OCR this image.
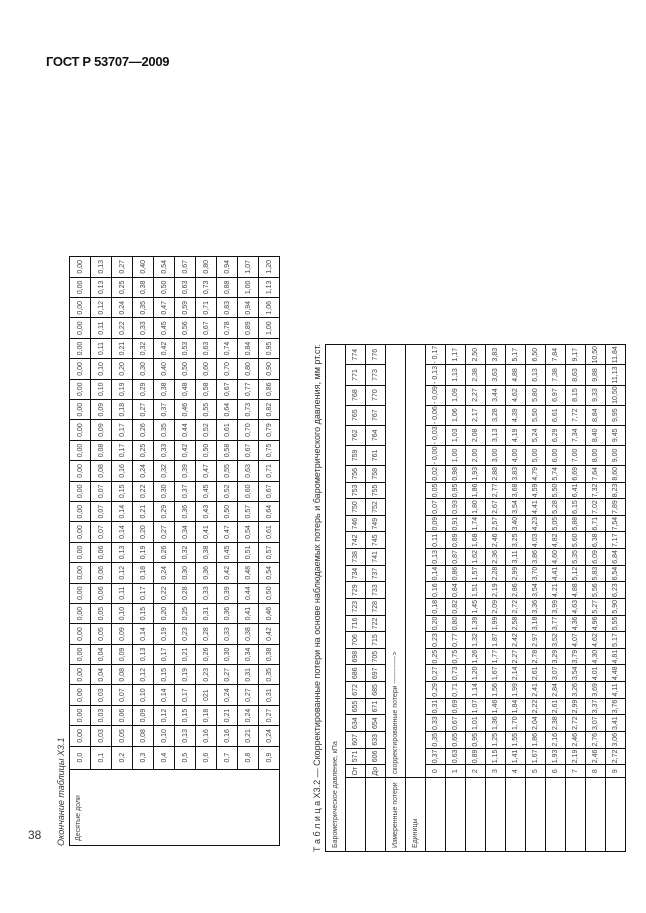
ГОСТ Р 53707—2009
38 Окончание таблицы Х3.1 Десятые доли	0,0	0,00	0,00	0,00	0,00	0,00	0,00	0,00	0,00	0,00	0,00	0,00	0,00	0,00	0,00	0,00	0,00	0,00	0,00	0,00	0,00	0,00	0,00	0,00	0,00
	0,1	0,03	0,03	0,03	0,04	0,04	0,05	0,05	0,06	0,06	0,06	0,07	0,07	0,07	0,08	0,08	0,09	0,09	0,10	0,10	0,11	0,11	0,12	0,13	0,13
	0,2	0,05	0,06	0,07	0,08	0,09	0,09	0,10	0,11	0,12	0,13	0,14	0,14	0,15	0,16	0,17	0,17	0,18	0,19	0,20	0,21	0,22	0,24	0,25	0,27
	0,3	0,08	0,09	0,10	0,12	0,13	0,14	0,15	0,17	0,18	0,19	0,20	0,21	0,22	0,24	0,25	0,26	0,27	0,29	0,30	0,32	0,33	0,35	0,38	0,40
	0,4	0,10	0,12	0,14	0,15	0,17	0,19	0,20	0,22	0,24	0,26	0,27	0,29	0,30	0,32	0,33	0,35	0,37	0,38	0,40	0,42	0,45	0,47	0,50	0,54
	0,5	0,13	0,15	0,17	0,19	0,21	0,23	0,25	0,28	0,30	0,32	0,34	0,36	0,37	0,39	0,42	0,44	0,46	0,48	0,50	0,53	0,56	0,59	0,63	0,67
	0,6	0,16	0,18	021	0,23	0,26	0,28	0,31	0,33	0,36	0,38	0,41	0,43	0,45	0,47	0,50	0,52	0,55	0,58	0,60	0,63	0,67	0,71	0,73	0,80
	0,7	0,16	0,21	0,24	0,27	0,30	0,33	0,36	0,39	0,42	0,45	0,47	0,50	0,52	0,55	0,58	0,61	0,64	0,67	0,70	0,74	0,78	0,83	0,88	0,94
	0,8	0,21	0,24	0,27	0,31	0,34	0,38	0,41	0,44	0,48	0,51	0,54	0,57	0,60	0,63	0,67	0,70	0,73	0,77	0,80	0,84	0,89	0,94	1,00	1,07
	0,9	0,24	0,27	0,31	0,35	0,38	0,42	0,46	0,50	0,54	0,57	0,61	0,64	0,67	0,71	0,75	0,79	0,82	0,86	0,90	0,95	1,00	1,06	1,13	1,20
Т а б л и ц а Х3.2 — Скорректированные потери на основе наблюдаемых потерь и барометрического давления, мм рт.ст. Барометрическое давление, кПа																									
	От	571	607	634	655	672	686	698	706	716	723	729	734	738	742	746	750	753	756	759	762	765	768	771	774
	До	606	633	654	671	685	697	705	715	722	728	733	737	741	745	749	752	755	758	761	764	767	770	773	776
Измеренные потери	скорректированные потери ------------>																								
Единицы																									
	0	0,37	0,35	0,33	0,31	0,29	0,27	0,25	0,23	0,20	0,18	0,16	0,14	0,13	0,11	0,09	0,07	0,05	0,02	- 0,00	- 0,03	- 0,06	- 0,09	- 0,13	- 0,17
	1	0,63	0,65	0,67	0,69	0,71	0,73	0,75	0,77	0,80	0,82	0,84	0,86	0,87	0,89	0,91	0,93	0,95	0,98	1,00	1,03	1,06	1,09	1,13	1,17
	2	0,89	0,95	1,01	1,07	1,14	1,20	1,26	1,32	1,39	1,45	1,51	1,57	1,62	1,68	1,74	1,80	1,86	1,93	2,00	2,08	2,17	2,27	2,38	2,50
	3	1,15	1,25	1,36	1,46	1,56	1,67	1,77	1,87	1,99	2,09	2,19	2,28	2,36	2,46	2,57	2,67	2,77	2,88	3,00	3,13	3,28	3,44	3,63	3,83
	4	1,41	1,55	1,70	1,84	1,99	2,14	2,27	2,42	2,58	2,72	2,86	2,99	3,11	3,25	3,40	3,54	3,68	3,83	4,00	4,19	4,39	4,62	4,88	5,17
	5	1,67	1,86	2,04	2,22	2,41	2,61	2,78	2,97	3,18	3,36	3,54	3,70	3,86	4,03	4,23	4,41	4,59	4,79	5,00	5,24	5,50	5,80	6,13	6,50
	6	1,93	2,16	2,38	2,61	2,84	3,07	3,29	3,52	3,77	3,99	4,21	4,41	4,60	4,82	5,05	5,28	5,50	5,74	6,00	6,29	6,61	6,97	7,38	7,84
	7	2,19	2,46	2,72	2,99	3,26	3,54	3,79	4,07	4,36	4,63	4,88	5,12	5,35	5,60	5,88	6,15	6,41	6,69	7,00	7,34	7,72	8,15	8,63	9,17
	8	2,46	2,76	3,07	3,37	3,69	4,01	4,30	4,62	4,96	5,27	5,56	5,83	6,09	6,38	6,71	7,02	7,32	7,64	8,00	8,40	8,84	9,33	9,88	10,50
	9	2,72	3,06	3,41	3,76	4,11	4,48	4,81	5,17	5,55	5,90	6,23	6,54	6,84	7,17	7,54	7,89	8,23	8,60	9,00	9,45	9,95	10,50	11,13	11,84
